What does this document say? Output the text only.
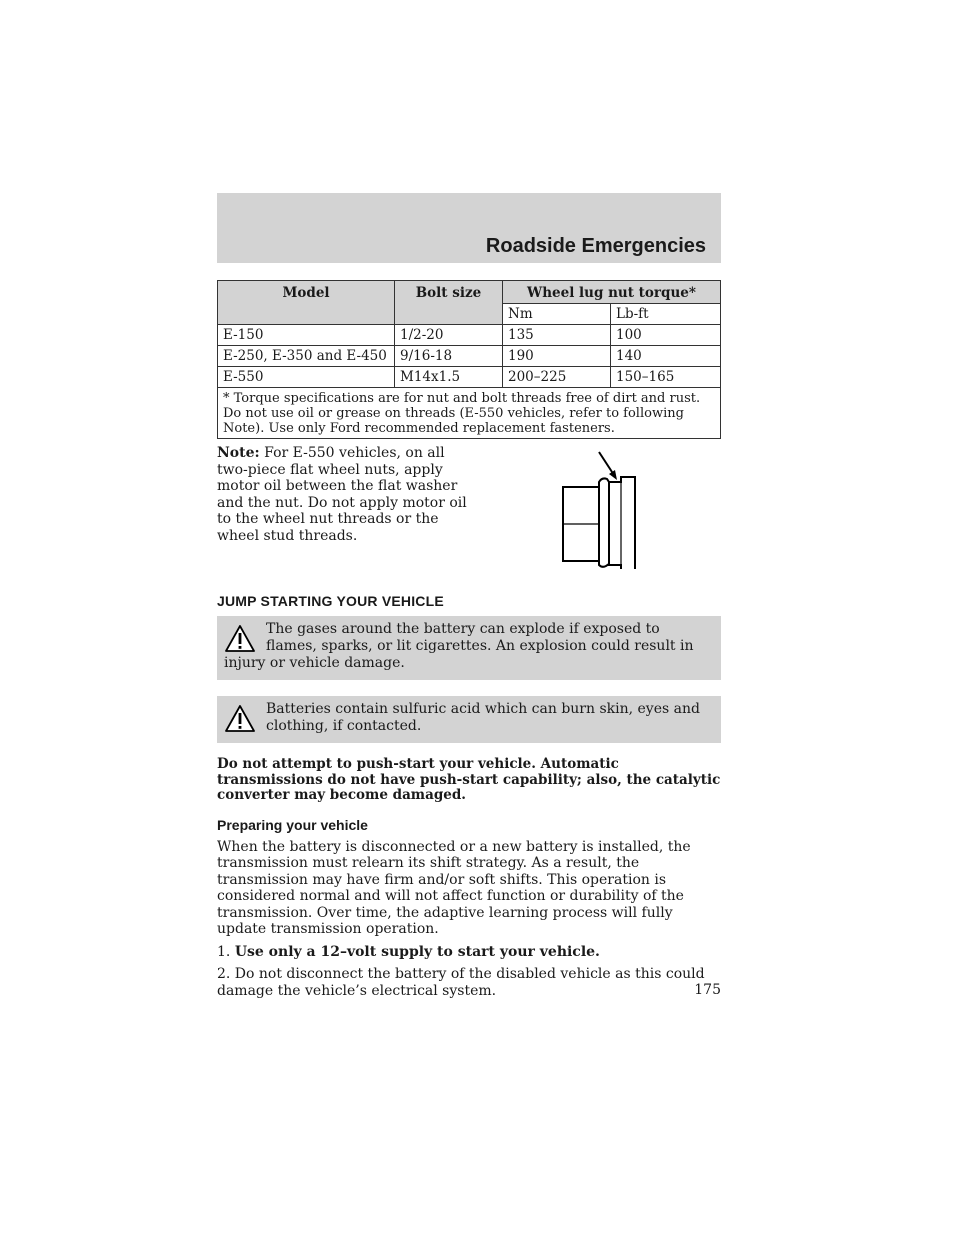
Roadside Emergencies
Model	Bolt size	Wheel lug nut torque*	
		Nm	Lb-ft
E-150	1/2-20	135	100
E-250, E-350 and E-450	9/16-18	190	140
E-550	M14x1.5	200–225	150–165
* Torque specifications are for nut and bolt threads free of dirt and rust. Do not use oil or grease on threads (E-550 vehicles, refer to following Note). Use only Ford recommended replacement fasteners.			
Note: For E-550 vehicles, on all two-piece flat wheel nuts, apply motor oil between the flat washer and the nut. Do not apply motor oil to the wheel nut threads or the wheel stud threads.
JUMP STARTING YOUR VEHICLE
The gases around the battery can explode if exposed to flames, sparks, or lit cigarettes. An explosion could result in injury or vehicle damage.
Batteries contain sulfuric acid which can burn skin, eyes and clothing, if contacted.
Do not attempt to push-start your vehicle. Automatic transmissions do not have push-start capability; also, the catalytic converter may become damaged.
Preparing your vehicle
When the battery is disconnected or a new battery is installed, the transmission must relearn its shift strategy. As a result, the transmission may have firm and/or soft shifts. This operation is considered normal and will not affect function or durability of the transmission. Over time, the adaptive learning process will fully update transmission operation.
1. Use only a 12–volt supply to start your vehicle.
2. Do not disconnect the battery of the disabled vehicle as this could damage the vehicle’s electrical system.	175
